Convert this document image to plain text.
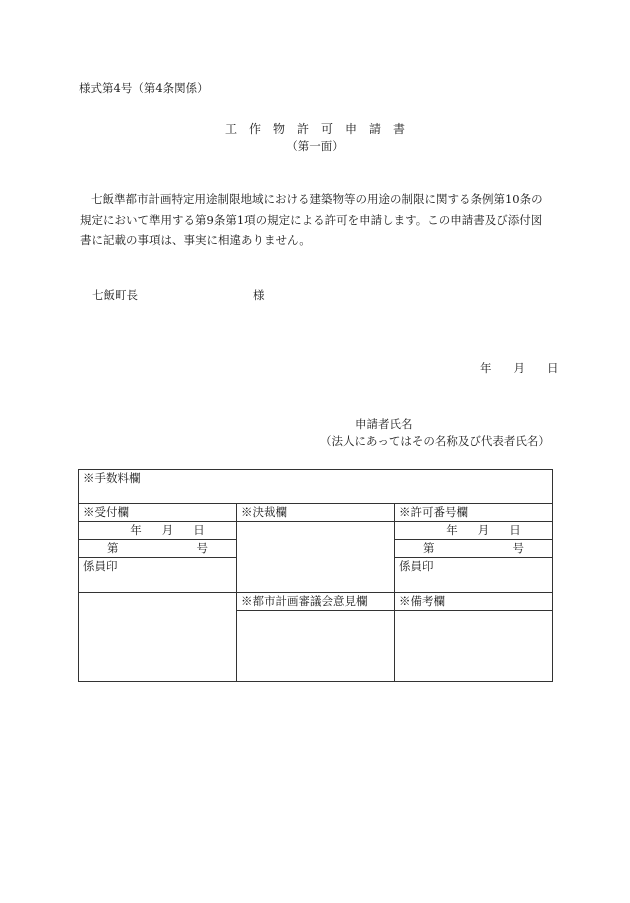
様式第4号（第4条関係）
工　作　物　許　可　申　請　書
（第一面）
七飯準都市計画特定用途制限地域における建築物等の用途の制限に関する条例第10条の規定において準用する第9条第1項の規定による許可を申請します。この申請書及び添付図書に記載の事項は、事実に相違ありません。
七飯町長	様
年 月 日
申請者氏名
（法人にあってはその名称及び代表者氏名）
※手数料欄		
※受付欄	※決裁欄	※許可番号欄
年 月 日		年 月 日
第 号		第 号
係員印		係員印
	※都市計画審議会意見欄	※備考欄
